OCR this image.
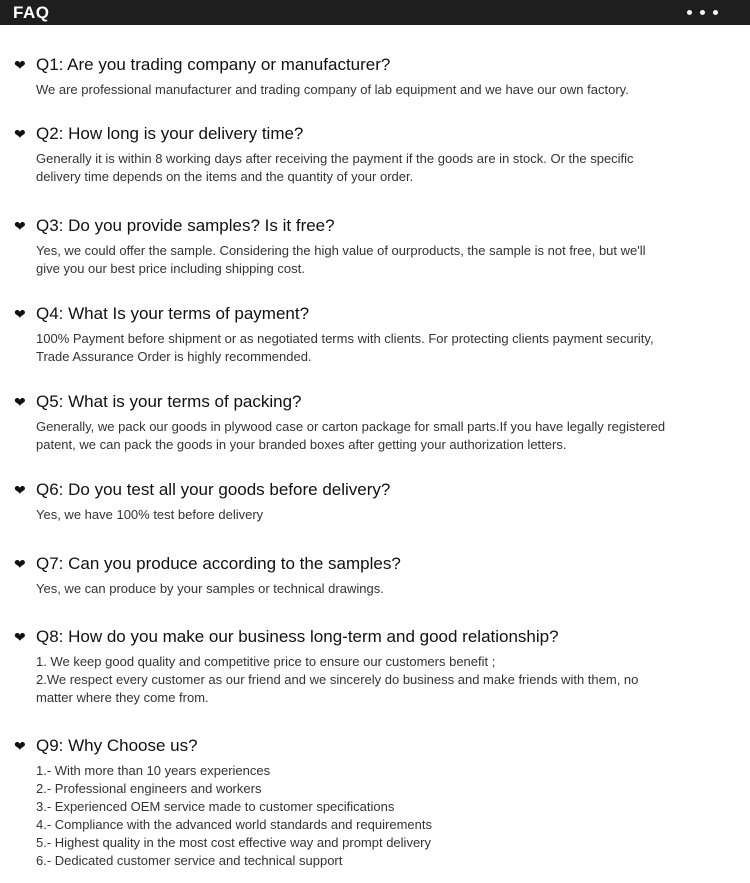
FAQ
❤ Q1: Are you trading company or manufacturer?
We are professional manufacturer and trading company of lab equipment and we have our own factory.
❤ Q2: How long is your delivery time?
Generally it is within 8 working days after receiving the payment if the goods are in stock. Or the specific
delivery time depends on the items and the quantity of your order.
❤ Q3: Do you provide samples? Is it free?
Yes, we could offer the sample. Considering the high value of ourproducts, the sample is not free, but we'll
give you our best price including shipping cost.
❤ Q4: What Is your terms of payment?
100% Payment before shipment or as negotiated terms with clients. For protecting clients payment security,
Trade Assurance Order is highly recommended.
❤ Q5: What is your terms of packing?
Generally, we pack our goods in plywood case or carton package for small parts.If you have legally registered
patent, we can pack the goods in your branded boxes after getting your authorization letters.
❤ Q6: Do you test all your goods before delivery?
Yes, we have 100% test before delivery
❤ Q7: Can you produce according to the samples?
Yes, we can produce by your samples or technical drawings.
❤ Q8: How do you make our business long-term and good relationship?
1. We keep good quality and competitive price to ensure our customers benefit ;
2.We respect every customer as our friend and we sincerely do business and make friends with them, no
matter where they come from.
❤ Q9: Why Choose us?
1.- With more than 10 years experiences
2.- Professional engineers and workers
3.- Experienced OEM service made to customer specifications
4.- Compliance with the advanced world standards and requirements
5.- Highest quality in the most cost effective way and prompt delivery
6.- Dedicated customer service and technical support
